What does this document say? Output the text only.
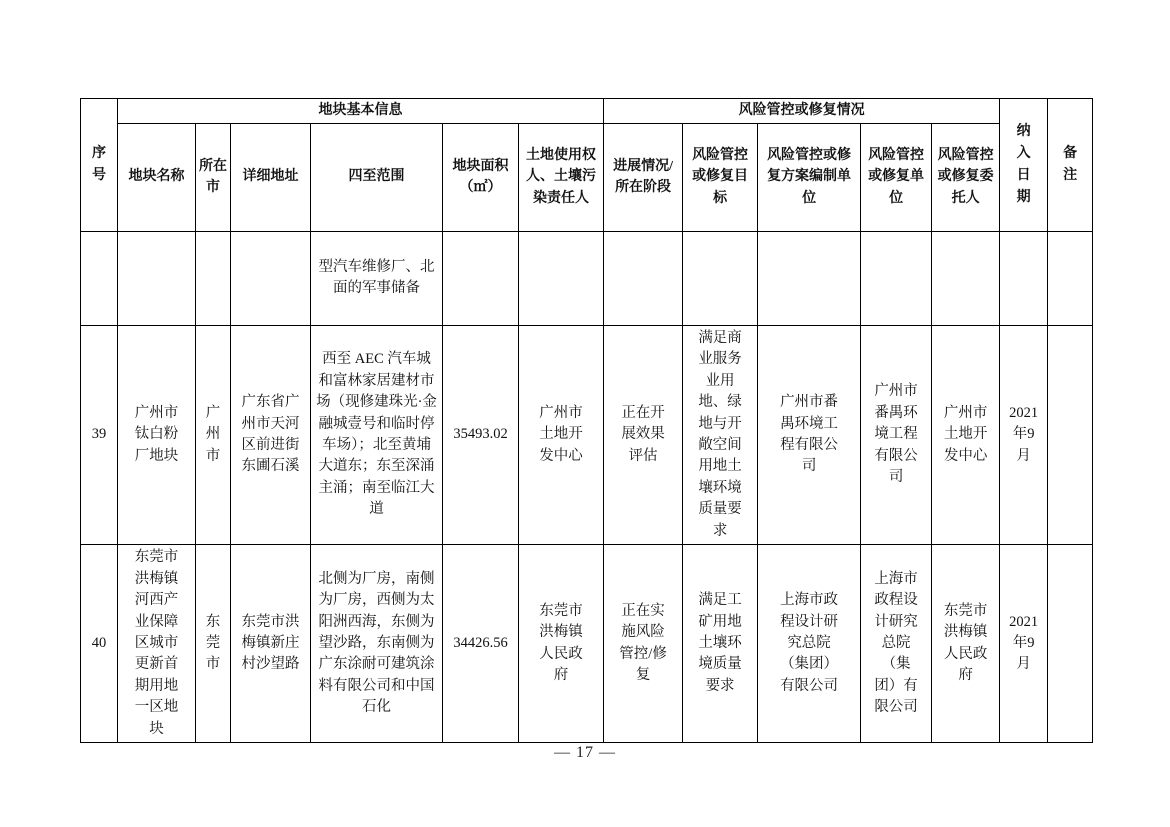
序号	地块基本信息						风险管控或修复情况					纳入日期	备注
	地块名称	所在市	详细地址	四至范围	地块面积（㎡）	土地使用权人、土壤污染责任人	进展情况/所在阶段	风险管控或修复目标	风险管控或修复方案编制单位	风险管控或修复单位	风险管控或修复委托人		
				型汽车维修厂、北面的军事储备									
39	广州市钛白粉厂地块	广州市	广东省广州市天河区前进街东圃石溪	西至 AEC 汽车城和富林家居建材市场（现修建珠光·金融城壹号和临时停车场）；北至黄埔大道东；东至深涌主涌；南至临江大道	35493.02	广州市土地开发中心	正在开展效果评估	满足商业服务业用地、绿地与开敞空间用地土壤环境质量要求	广州市番禺环境工程有限公司	广州市番禺环境工程有限公司	广州市土地开发中心	2021年9月	
40	东莞市洪梅镇河西产业保障区城市更新首期用地一区地块	东莞市	东莞市洪梅镇新庄村沙望路	北侧为厂房，南侧为厂房，西侧为太阳洲西海，东侧为望沙路，东南侧为广东涂耐可建筑涂料有限公司和中国石化	34426.56	东莞市洪梅镇人民政府	正在实施风险管控/修复	满足工矿用地土壤环境质量要求	上海市政程设计研究总院（集团）有限公司	上海市政程设计研究总院（集团）有限公司	东莞市洪梅镇人民政府	2021年9月	
— 17 —
